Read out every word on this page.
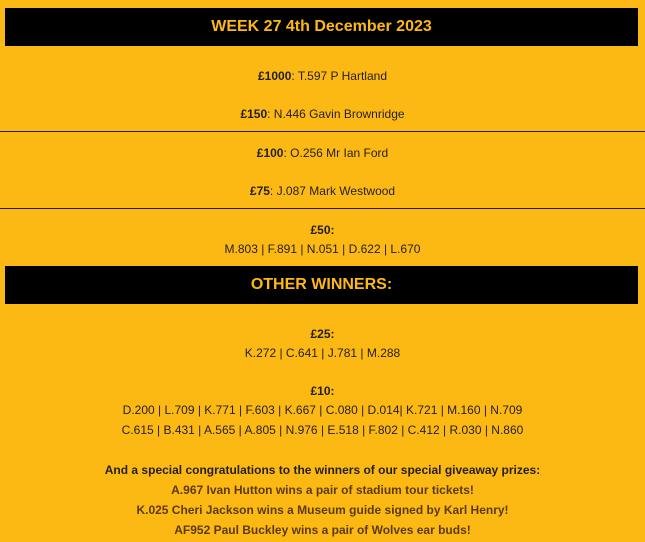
WEEK 27 4th December 2023
£1000: T.597 P Hartland
£150: N.446 Gavin Brownridge
£100: O.256 Mr Ian Ford
£75: J.087 Mark Westwood
£50:
M.803 | F.891 | N.051 | D.622 | L.670
OTHER WINNERS:
£25:
K.272 | C.641 | J.781 | M.288
£10:
D.200 | L.709 | K.771 | F.603 | K.667 | C.080 | D.014| K.721 | M.160 | N.709
C.615 | B.431 | A.565 | A.805 | N.976 | E.518 | F.802 | C.412 | R.030 | N.860
And a special congratulations to the winners of our special giveaway prizes:
A.967 Ivan Hutton wins a pair of stadium tour tickets!
K.025 Cheri Jackson wins a Museum guide signed by Karl Henry!
AF952 Paul Buckley wins a pair of Wolves ear buds!
